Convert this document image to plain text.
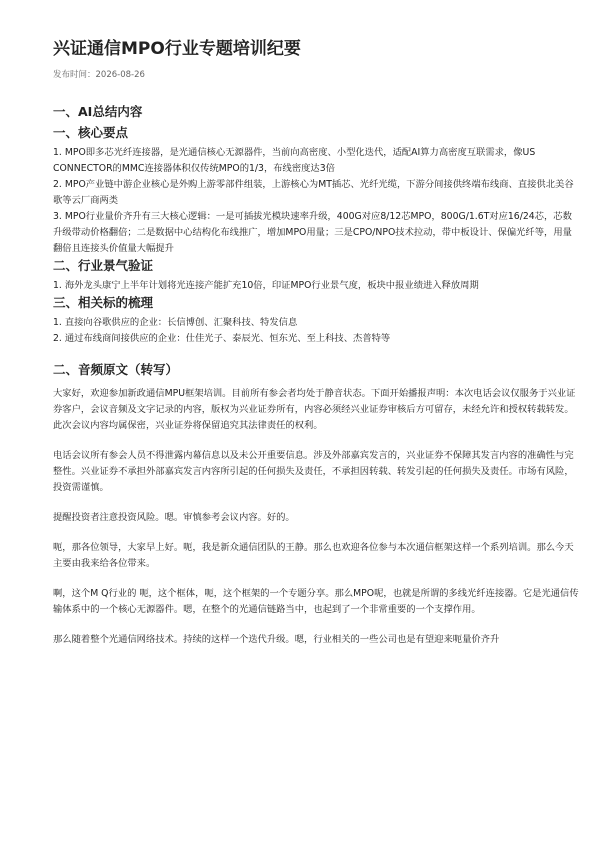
兴证通信MPO行业专题培训纪要
发布时间：2026-08-26
一、AI总结内容
一、核心要点

1. MPO即多芯光纤连接器，是光通信核心无源器件，当前向高密度、小型化迭代，适配AI算力高密度互联需求，像US CONNECTOR的MMC连接器体积仅传统MPO的1/3，布线密度达3倍

2. MPO产业链中游企业核心是外购上游零部件组装，上游核心为MT插芯、光纤光缆，下游分间接供终端布线商、直接供北美谷歌等云厂商两类

3. MPO行业量价齐升有三大核心逻辑：一是可插拔光模块速率升级，400G对应8/12芯MPO，800G/1.6T对应16/24芯，芯数升级带动价格翻倍；二是数据中心结构化布线推广，增加MPO用量；三是CPO/NPO技术拉动，带中板设计、保偏光纤等，用量翻倍且连接头价值量大幅提升

二、行业景气验证

1. 海外龙头康宁上半年计划将光连接产能扩充10倍，印证MPO行业景气度，板块中报业绩进入释放周期

三、相关标的梳理

1. 直接向谷歌供应的企业：长信博创、汇聚科技、特发信息

2. 通过布线商间接供应的企业：仕佳光子、泰辰光、恒东光、至上科技、杰普特等

二、音频原文（转写）

大家好，欢迎参加新政通信MPU框架培训。目前所有参会者均处于静音状态。下面开始播报声明：本次电话会议仅服务于兴业证券客户，会议音频及文字记录的内容，版权为兴业证券所有，内容必须经兴业证券审核后方可留存，未经允许和授权转载转发。此次会议内容均属保密，兴业证券将保留追究其法律责任的权利。

电话会议所有参会人员不得泄露内幕信息以及未公开重要信息。涉及外部嘉宾发言的，兴业证券不保障其发言内容的准确性与完整性。兴业证券不承担外部嘉宾发言内容所引起的任何损失及责任，不承担因转载、转发引起的任何损失及责任。市场有风险，投资需谨慎。

提醒投资者注意投资风险。嗯。审慎参考会议内容。好的。

呃，那各位领导，大家早上好。呃，我是新众通信团队的王静。那么也欢迎各位参与本次通信框架这样一个系列培训。那么今天主要由我来给各位带来。

啊，这个M Q行业的 呃，这个框体，呃，这个框架的一个专题分享。那么MPO呢，也就是所谓的多线光纤连接器。它是光通信传输体系中的一个核心无源器件。嗯，在整个的光通信链路当中，也起到了一个非常重要的一个支撑作用。

那么随着整个光通信网络技术。持续的这样一个迭代升级。嗯，行业相关的一些公司也是有望迎来呃量价齐升
